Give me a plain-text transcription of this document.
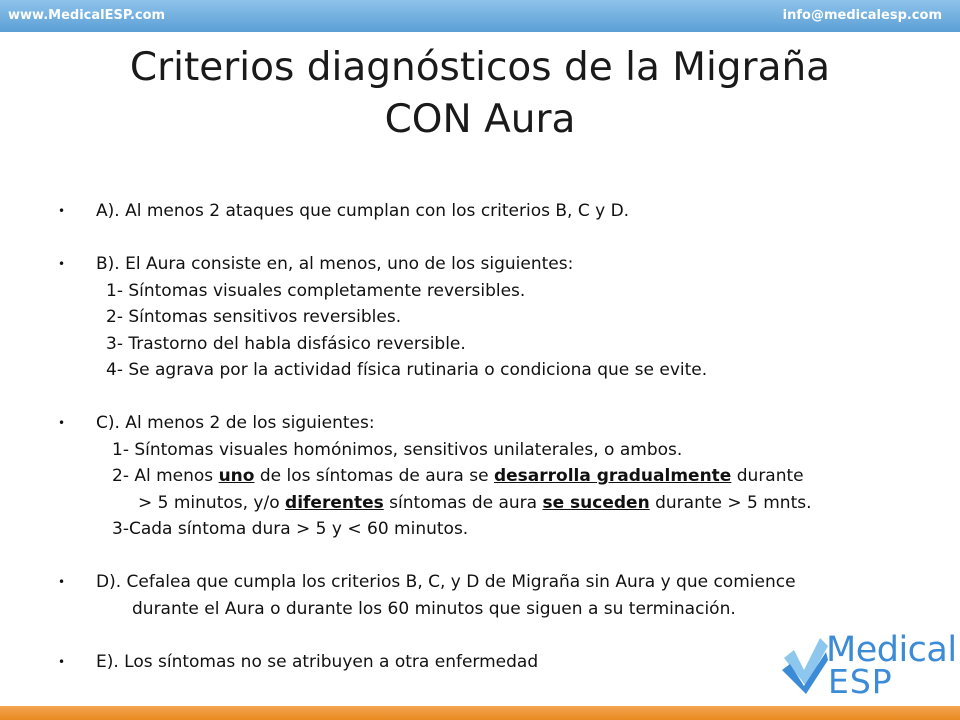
www.MedicalESP.com	info@medicalesp.com
Criterios diagnósticos de la Migraña
CON Aura
• A). Al menos 2 ataques que cumplan con los criterios B, C y D.
• B). El Aura consiste en, al menos, uno de los siguientes:
1- Síntomas visuales completamente reversibles.
2- Síntomas sensitivos reversibles.
3- Trastorno del habla disfásico reversible.
4- Se agrava por la actividad física rutinaria o condiciona que se evite.
• C). Al menos 2 de los siguientes:
1- Síntomas visuales homónimos, sensitivos unilaterales, o ambos.
2- Al menos uno de los síntomas de aura se desarrolla gradualmente durante
> 5 minutos, y/o diferentes síntomas de aura se suceden durante > 5 mnts.
3-Cada síntoma dura > 5 y < 60 minutos.
• D). Cefalea que cumpla los criterios B, C, y D de Migraña sin Aura y que comience
durante el Aura o durante los 60 minutos que siguen a su terminación.
• E). Los síntomas no se atribuyen a otra enfermedad	Medical
ESP
